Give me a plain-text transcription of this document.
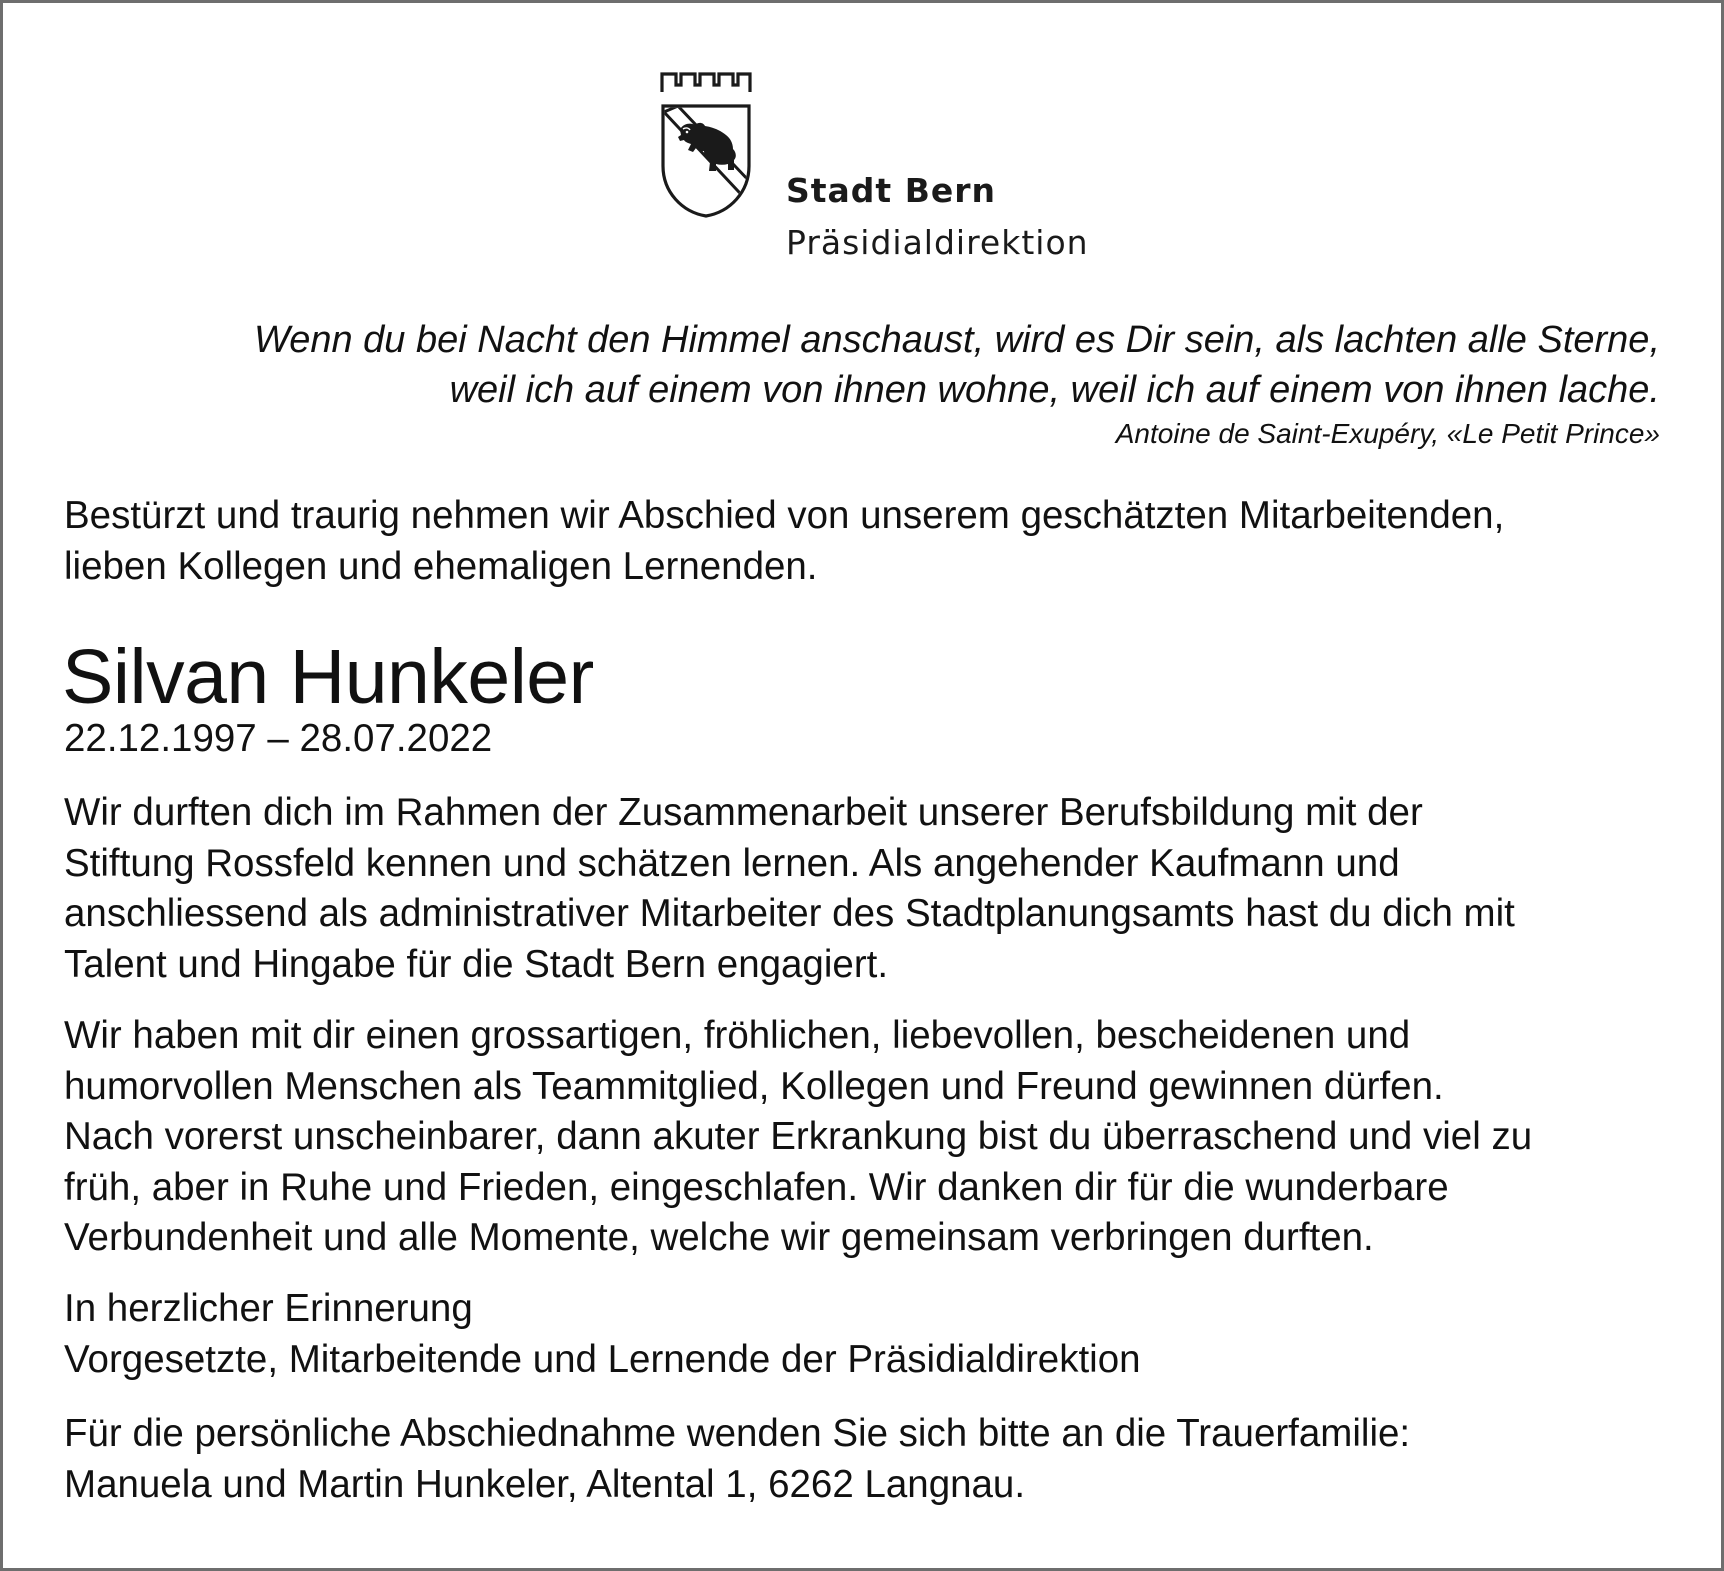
Stadt Bern
Präsidialdirektion
Wenn du bei Nacht den Himmel anschaust, wird es Dir sein, als lachten alle Sterne,
weil ich auf einem von ihnen wohne, weil ich auf einem von ihnen lache.
Antoine de Saint-Exupéry, «Le Petit Prince»
Bestürzt und traurig nehmen wir Abschied von unserem geschätzten Mitarbeitenden,
lieben Kollegen und ehemaligen Lernenden.
Silvan Hunkeler
22.12.1997 – 28.07.2022
Wir durften dich im Rahmen der Zusammenarbeit unserer Berufsbildung mit der
Stiftung Rossfeld kennen und schätzen lernen. Als angehender Kaufmann und
anschliessend als administrativer Mitarbeiter des Stadtplanungsamts hast du dich mit
Talent und Hingabe für die Stadt Bern engagiert.
Wir haben mit dir einen grossartigen, fröhlichen, liebevollen, bescheidenen und
humorvollen Menschen als Teammitglied, Kollegen und Freund gewinnen dürfen.
Nach vorerst unscheinbarer, dann akuter Erkrankung bist du überraschend und viel zu
früh, aber in Ruhe und Frieden, eingeschlafen. Wir danken dir für die wunderbare
Verbundenheit und alle Momente, welche wir gemeinsam verbringen durften.
In herzlicher Erinnerung
Vorgesetzte, Mitarbeitende und Lernende der Präsidialdirektion
Für die persönliche Abschiednahme wenden Sie sich bitte an die Trauerfamilie:
Manuela und Martin Hunkeler, Altental 1, 6262 Langnau.
